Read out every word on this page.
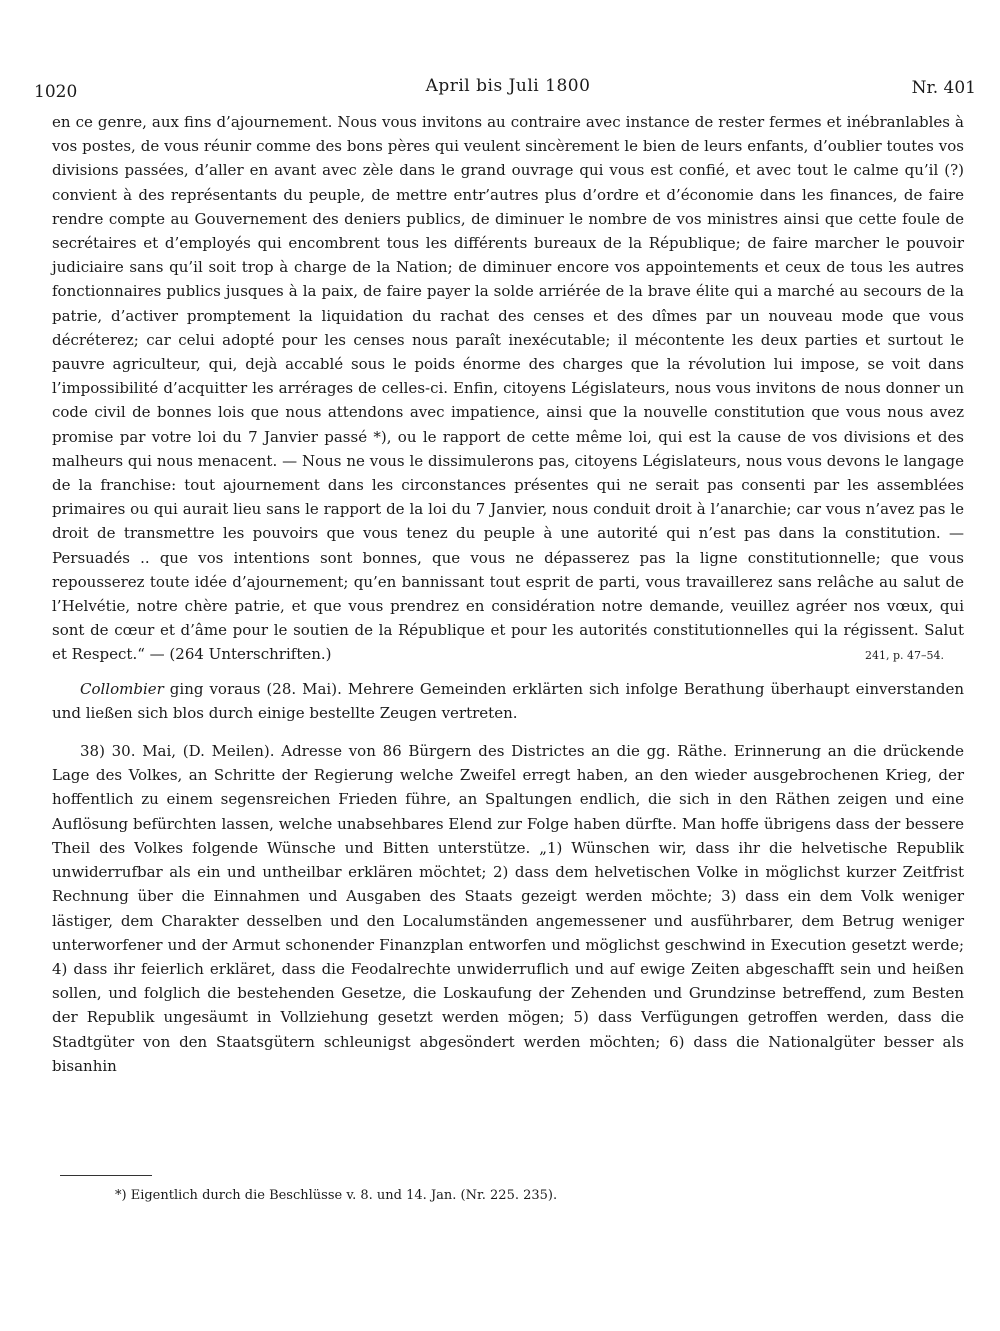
1020	April bis Juli 1800	Nr. 401

en ce genre, aux fins d’ajournement. Nous vous invitons au contraire avec instance de rester fermes et inébranlables à vos postes, de vous réunir comme des bons pères qui veulent sincèrement le bien de leurs enfants, d’oublier toutes vos divisions passées, d’aller en avant avec zèle dans le grand ouvrage qui vous est confié, et avec tout le calme qu’il (?) convient à des représentants du peuple, de mettre entr’autres plus d’ordre et d’économie dans les finances, de faire rendre compte au Gouvernement des deniers publics, de diminuer le nombre de vos ministres ainsi que cette foule de secrétaires et d’employés qui encombrent tous les différents bureaux de la République; de faire marcher le pouvoir judiciaire sans qu’il soit trop à charge de la Nation; de diminuer encore vos appointements et ceux de tous les autres fonctionnaires publics jusques à la paix, de faire payer la solde arriérée de la brave élite qui a marché au secours de la patrie, d’activer promptement la liquidation du rachat des censes et des dîmes par un nouveau mode que vous décréterez; car celui adopté pour les censes nous paraît inexécutable; il mécontente les deux parties et surtout le pauvre agriculteur, qui, dejà accablé sous le poids énorme des charges que la révolution lui impose, se voit dans l’impossibilité d’acquitter les arrérages de celles-ci. Enfin, citoyens Législateurs, nous vous invitons de nous donner un code civil de bonnes lois que nous attendons avec impatience, ainsi que la nouvelle constitution que vous nous avez promise par votre loi du 7 Janvier passé *), ou le rapport de cette même loi, qui est la cause de vos divisions et des malheurs qui nous menacent. — Nous ne vous le dissimulerons pas, citoyens Législateurs, nous vous devons le langage de la franchise: tout ajournement dans les circonstances présentes qui ne serait pas consenti par les assemblées primaires ou qui aurait lieu sans le rapport de la loi du 7 Janvier, nous conduit droit à l’anarchie; car vous n’avez pas le droit de transmettre les pouvoirs que vous tenez du peuple à une autorité qui n’est pas dans la constitution. — Persuadés .. que vos intentions sont bonnes, que vous ne dépasserez pas la ligne constitutionnelle; que vous repousserez toute idée d’ajournement; qu’en bannissant tout esprit de parti, vous travaillerez sans relâche au salut de l’Helvétie, notre chère patrie, et que vous prendrez en considération notre demande, veuillez agréer nos vœux, qui sont de cœur et d’âme pour le soutien de la République et pour les autorités constitutionnelles qui la régissent. Salut et Respect.“ — (264 Unterschriften.)	241, p. 47–54.

Collombier ging voraus (28. Mai). Mehrere Gemeinden erklärten sich infolge Berathung überhaupt einverstanden und ließen sich blos durch einige bestellte Zeugen vertreten.

38) 30. Mai, (D. Meilen). Adresse von 86 Bürgern des Districtes an die gg. Räthe. Erinnerung an die drückende Lage des Volkes, an Schritte der Regierung welche Zweifel erregt haben, an den wieder ausgebrochenen Krieg, der hoffentlich zu einem segensreichen Frieden führe, an Spaltungen endlich, die sich in den Räthen zeigen und eine Auflösung befürchten lassen, welche unabsehbares Elend zur Folge haben dürfte. Man hoffe übrigens dass der bessere Theil des Volkes folgende Wünsche und Bitten unterstütze. „1) Wünschen wir, dass ihr die helvetische Republik unwiderrufbar als ein und untheilbar erklären möchtet; 2) dass dem helvetischen Volke in möglichst kurzer Zeitfrist Rechnung über die Einnahmen und Ausgaben des Staats gezeigt werden möchte; 3) dass ein dem Volk weniger lästiger, dem Charakter desselben und den Localumständen angemessener und ausführbarer, dem Betrug weniger unterworfener und der Armut schonender Finanzplan entworfen und möglichst geschwind in Execution gesetzt werde; 4) dass ihr feierlich erkläret, dass die Feodalrechte unwiderruflich und auf ewige Zeiten abgeschafft sein und heißen sollen, und folglich die bestehenden Gesetze, die Loskaufung der Zehenden und Grundzinse betreffend, zum Besten der Republik ungesäumt in Vollziehung gesetzt werden mögen; 5) dass Verfügungen getroffen werden, dass die Stadtgüter von den Staatsgütern schleunigst abgesöndert werden möchten; 6) dass die Nationalgüter besser als bisanhin

*) Eigentlich durch die Beschlüsse v. 8. und 14. Jan. (Nr. 225. 235).
